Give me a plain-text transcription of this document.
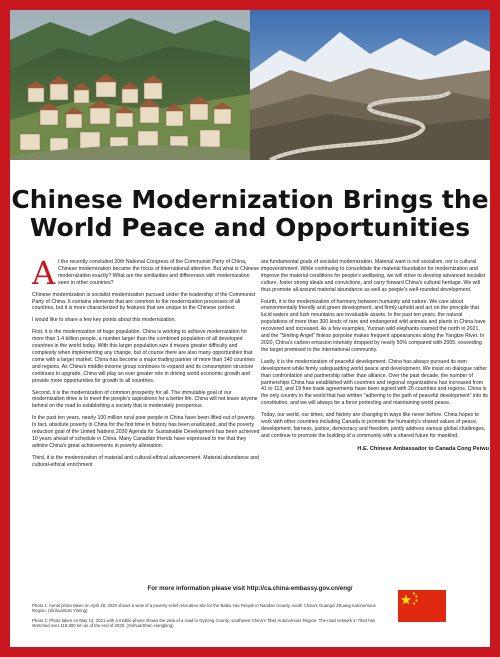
Chinese Modernization Brings the World Peace and Opportunities

At the recently concluded 20th National Congress of the Communist Party of China, Chinese modernization became the focus of international attention. But what is Chinese modernization exactly? What are the similarities and differences with modernization seen in other countries?

Chinese modernization is socialist modernization pursued under the leadership of the Communist Party of China. It contains elements that are common to the modernization processes of all countries, but it is more characterized by features that are unique to the Chinese context.

I would like to share a few key points about this modernization.

First, it is the modernization of huge population. China is working to achieve modernization for more than 1.4 billion people, a number larger than the combined population of all developed countries in the world today. With this larger population size it means greater difficulty and complexity when implementing any change, but of course there are also many opportunities that come with a larger market. China has become a major trading partner of more than 140 countries and regions. As China's middle-income group continues to expand and its consumption structure continues to upgrade, China will play an ever greater role in driving world economic growth and provide more opportunities for growth to all countries.

Second, it is the modernization of common prosperity for all. The immutable goal of our modernization drive is to meet the people's aspirations for a better life. China will not leave anyone behind on the road to establishing a society that is moderately prosperous.

In the past ten years, nearly 100 million rural poor people in China have been lifted out of poverty. In fact, absolute poverty in China for the first time in history has been eradicated, and the poverty reduction goal of the United Nations 2030 Agenda for Sustainable Development has been achieved 10 years ahead of schedule in China. Many Canadian friends have expressed to me that they admire China's great achievements in poverty alleviation.

Third, it is the modernization of material and cultural-ethical advancement. Material abundance and cultural-ethical enrichment

are fundamental goals of socialist modernization. Material want is not socialism, nor is cultural impoverishment. While continuing to consolidate the material foundation for modernization and improve the material conditions for people's wellbeing, we will strive to develop advanced socialist culture, foster strong ideals and convictions, and carry forward China's cultural heritage. We will thus promote all-around material abundance as well as people's well-rounded development.

Fourth, it is the modernization of harmony between humanity and nature. We care about environmentally friendly and green development, and firmly uphold and act on the principle that lucid waters and lush mountains are invaluable assets. In the past ten years, the natural populations of more than 300 kinds of rare and endangered wild animals and plants in China have recovered and increased. As a few examples, Yunnan wild elephants roamed the north in 2021, and the "Smiling Angel" finless porpoise makes frequent appearances along the Yangtze River. In 2020, China's carbon emission intensity dropped by nearly 50% compared with 2005, exceeding the target promised to the international community.

Lastly, it is the modernization of peaceful development. China has always pursued its own development while firmly safeguarding world peace and development. We insist on dialogue rather than confrontation and partnership rather than alliance. Over the past decade, the number of partnerships China has established with countries and regional organizations has increased from 41 to 113, and 19 free trade agreements have been signed with 26 countries and regions. China is the only country in the world that has written "adhering to the path of peaceful development" into its constitution, and we will always be a force protecting and maintaining world peace.

Today, our world, our times, and history are changing in ways like never before. China hopes to work with other countries including Canada to promote the humanity's shared values of peace, development, fairness, justice, democracy and freedom, jointly address various global challenges, and continue to promote the building of a community with a shared future for mankind.

H.E. Chinese Ambassador to Canada Cong Peiwu
For more information please visit http://ca.china-embassy.gov.cn/eng/

Photo 1: Aerial photo taken on April 28, 2020 shows a view of a poverty-relief relocation site for the Baiku Yao People in Nandan County, south China's Guangxi Zhuang Autonomous Region. (Xinhua/Cao Yiming)

Photo 2: Photo taken on May 14, 2021 with a mobile phone shows the view of a road to Gyirong County, southwest China's Tibet Autonomous Region. The road network in Tibet has stretched over 118,800 km as of the end of 2020. (Xinhua/Shen Hongbing)
